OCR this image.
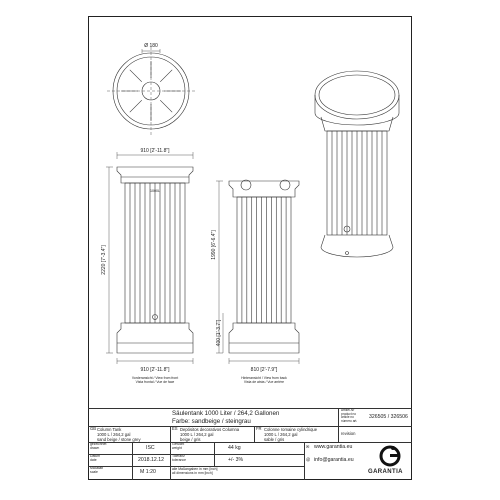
Ø 180
910 [2'-11.8"]
1000L
2220 [7'-3.4"]
910 [2'-11.8"]
Vorderansicht / View from front Vista frontal / Vue de face
1990 [6'-6.4"]
400 [1'-3.7"]
810 [2'-7.9"]
Hinteransicht / View from back Vista de atrás / Vue arrière
Säulentank 1000 Liter / 264,2 Gallonen
Farbe: sandbeige / steingrau
Artikel-Nr
product no
article no
número art.
326505 / 326506
revision
GB Column Tank
1000 L / 264,2 gal
sand beige / stone grey
ES Depósitos decorativos Columna
1000 L / 264,2 gal
beige / gris
FR Colonne romaine cylindrique
1000 L / 264,2 gal
sable / gris
gezeichnet
drawn	ISC
Gewicht
weight	44 kg
Datum
date	2018.12.12
Toleranz
tolerance	+/- 3%
Maßstab
scale	M 1:20	alle Maßangaben in mm [inch]
all dimensions in mm [inch]
✉ www.garantia.eu
@ info@garantia.eu
GARANTIA
